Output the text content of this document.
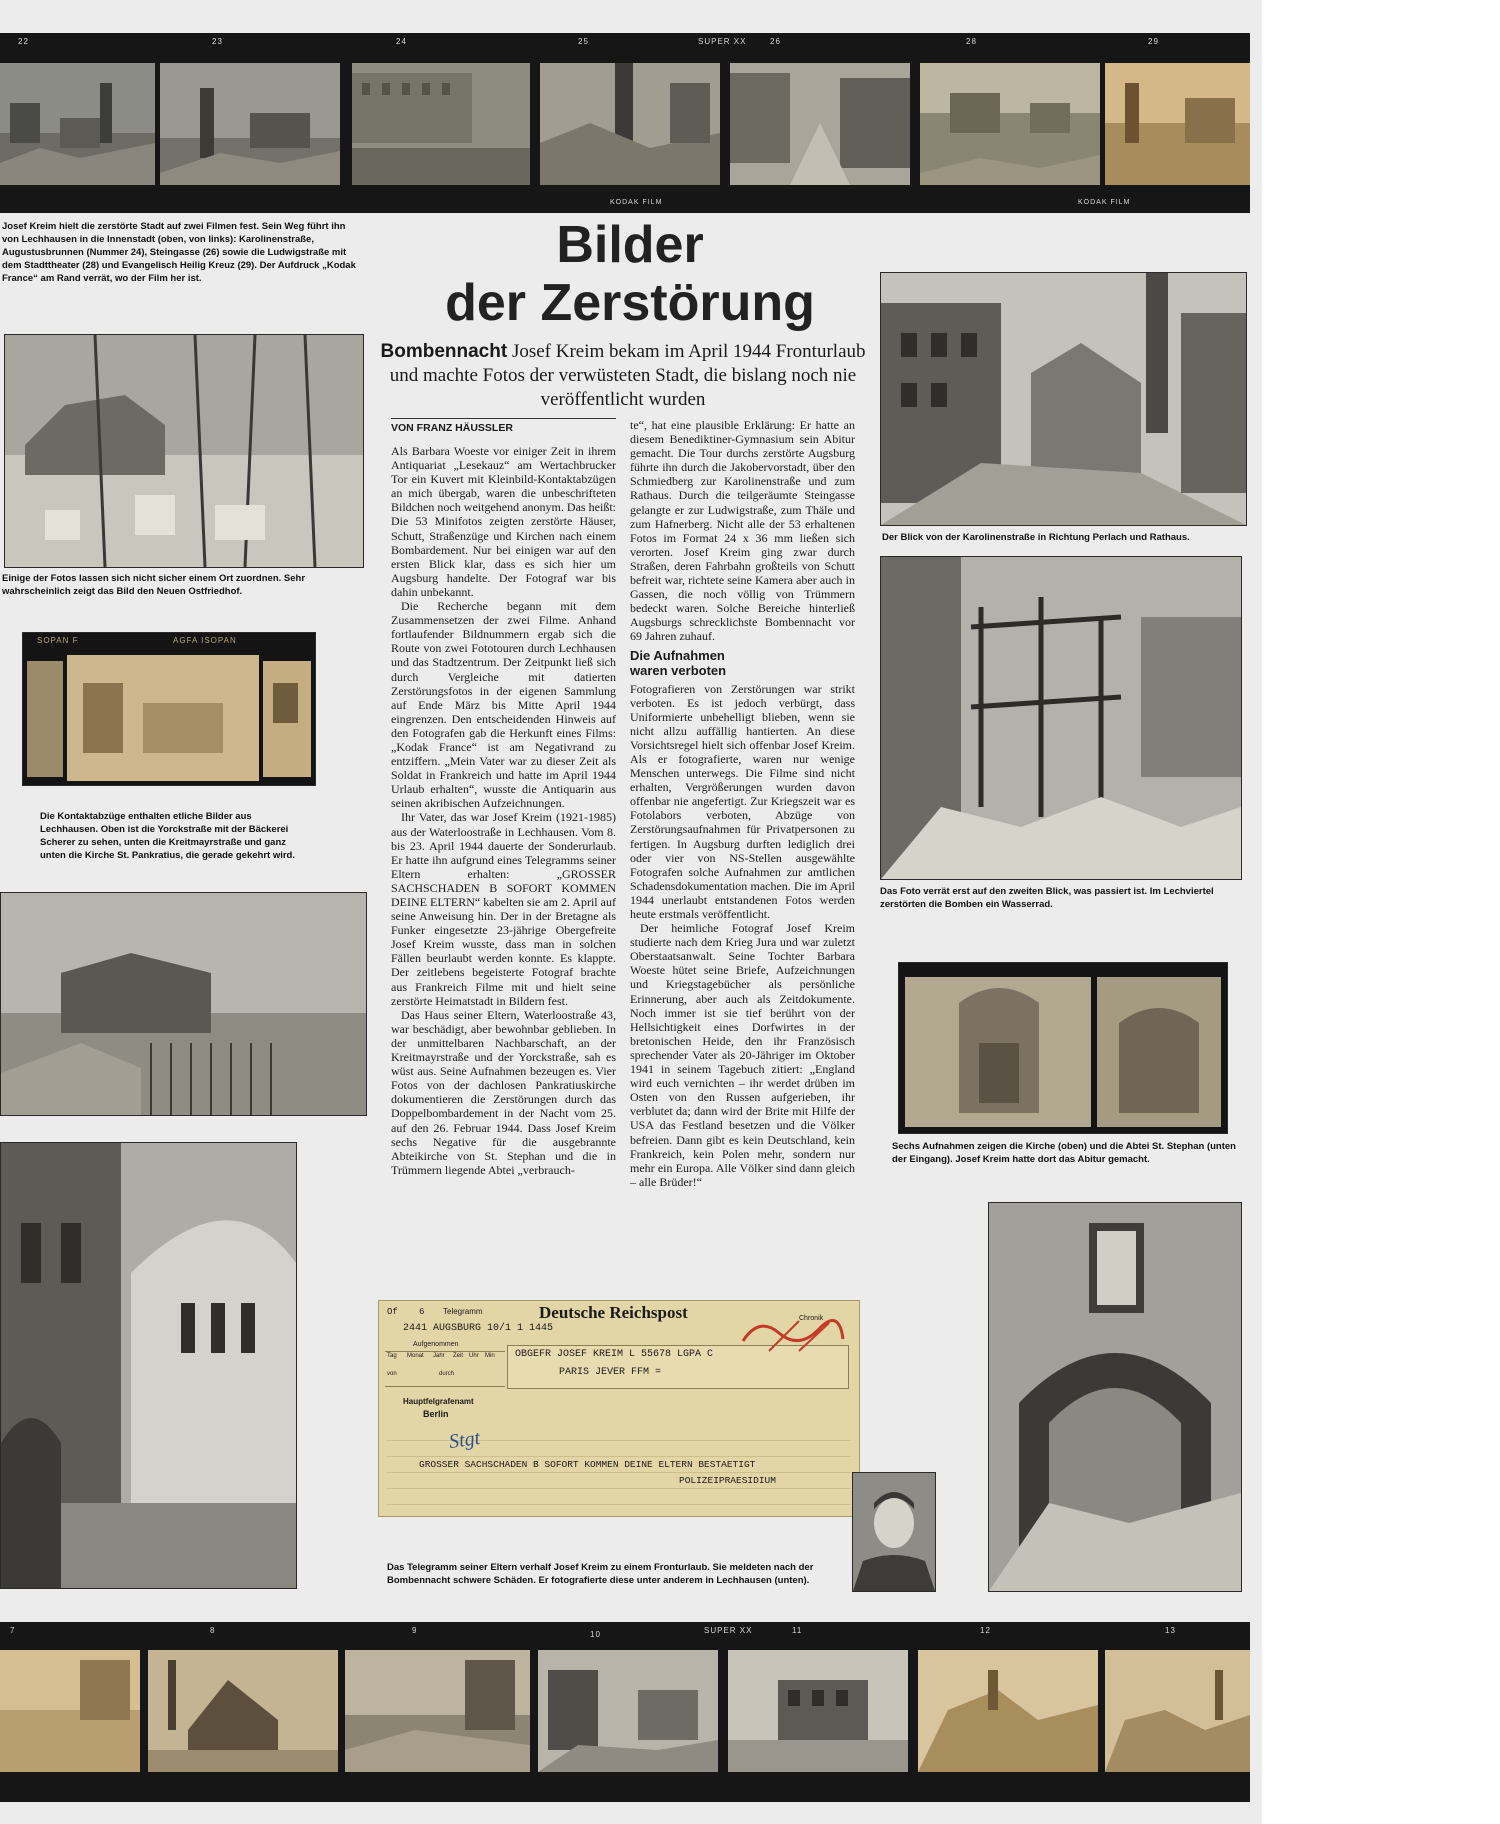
22	23	24	25	SUPER XX	26	28	29
KODAK FILM	KODAK FILM
Josef Kreim hielt die zerstörte Stadt auf zwei Filmen fest. Sein Weg führt ihn von Lechhausen in die Innenstadt (oben, von links): Karolinenstraße, Augustusbrunnen (Nummer 24), Steingasse (26) sowie die Ludwigstraße mit dem Stadttheater (28) und Evangelisch Heilig Kreuz (29). Der Aufdruck „Kodak France“ am Rand verrät, wo der Film her ist.
Bilder
der Zerstörung
Bombennacht Josef Kreim bekam im April 1944 Fronturlaub und machte Fotos der verwüsteten Stadt, die bislang noch nie veröffentlicht wurden
VON FRANZ HÄUSSLER
Einige der Fotos lassen sich nicht sicher einem Ort zuordnen. Sehr wahrscheinlich zeigt das Bild den Neuen Ostfriedhof.
SOPAN F	AGFA ISOPAN
Die Kontaktabzüge enthalten etliche Bilder aus Lechhausen. Oben ist die Yorckstraße mit der Bäckerei Scherer zu sehen, unten die Kreitmayrstraße und ganz unten die Kirche St. Pankratius, die gerade gekehrt wird.

Als Barbara Woeste vor einiger Zeit in ihrem Antiquariat „Lesekauz“ am Wertachbrucker Tor ein Kuvert mit Kleinbild-Kontaktabzügen an mich übergab, waren die unbeschrifteten Bildchen noch weitgehend anonym. Das heißt: Die 53 Minifotos zeigten zerstörte Häuser, Schutt, Straßenzüge und Kirchen nach einem Bombardement. Nur bei einigen war auf den ersten Blick klar, dass es sich hier um Augsburg handelte. Der Fotograf war bis dahin unbekannt.

Die Recherche begann mit dem Zusammensetzen der zwei Filme. Anhand fortlaufender Bildnummern ergab sich die Route von zwei Fototouren durch Lechhausen und das Stadtzentrum. Der Zeitpunkt ließ sich durch Vergleiche mit datierten Zerstörungsfotos in der eigenen Sammlung auf Ende März bis Mitte April 1944 eingrenzen. Den entscheidenden Hinweis auf den Fotografen gab die Herkunft eines Films: „Kodak France“ ist am Negativrand zu entziffern. „Mein Vater war zu dieser Zeit als Soldat in Frankreich und hatte im April 1944 Urlaub erhalten“, wusste die Antiquarin aus seinen akribischen Aufzeichnungen.

Ihr Vater, das war Josef Kreim (1921-1985) aus der Waterloostraße in Lechhausen. Vom 8. bis 23. April 1944 dauerte der Sonderurlaub. Er hatte ihn aufgrund eines Telegramms seiner Eltern erhalten: „GROSSER SACHSCHADEN B SOFORT KOMMEN DEINE ELTERN“ kabelten sie am 2. April auf seine Anweisung hin. Der in der Bretagne als Funker eingesetzte 23-jährige Obergefreite Josef Kreim wusste, dass man in solchen Fällen beurlaubt werden konnte. Es klappte. Der zeitlebens begeisterte Fotograf brachte aus Frankreich Filme mit und hielt seine zerstörte Heimatstadt in Bildern fest.

Das Haus seiner Eltern, Waterloostraße 43, war beschädigt, aber bewohnbar geblieben. In der unmittelbaren Nachbarschaft, an der Kreitmayrstraße und der Yorckstraße, sah es wüst aus. Seine Aufnahmen bezeugen es. Vier Fotos von der dachlosen Pankratiuskirche dokumentieren die Zerstörungen durch das Doppelbombardement in der Nacht vom 25. auf den 26. Februar 1944. Dass Josef Kreim sechs Negative für die ausgebrannte Abteikirche von St. Stephan und die in Trümmern liegende Abtei „verbrauch-

te“, hat eine plausible Erklärung: Er hatte an diesem Benediktiner-Gymnasium sein Abitur gemacht. Die Tour durchs zerstörte Augsburg führte ihn durch die Jakobervorstadt, über den Schmiedberg zur Karolinenstraße und zum Rathaus. Durch die teilgeräumte Steingasse gelangte er zur Ludwigstraße, zum Thäle und zum Hafnerberg. Nicht alle der 53 erhaltenen Fotos im Format 24 x 36 mm ließen sich verorten. Josef Kreim ging zwar durch Straßen, deren Fahrbahn großteils von Schutt befreit war, richtete seine Kamera aber auch in Gassen, die noch völlig von Trümmern bedeckt waren. Solche Bereiche hinterließ Augsburgs schrecklichste Bombennacht vor 69 Jahren zuhauf.

Die Aufnahmen
waren verboten

Fotografieren von Zerstörungen war strikt verboten. Es ist jedoch verbürgt, dass Uniformierte unbehelligt blieben, wenn sie nicht allzu auffällig hantierten. An diese Vorsichtsregel hielt sich offenbar Josef Kreim. Als er fotografierte, waren nur wenige Menschen unterwegs. Die Filme sind nicht erhalten, Vergrößerungen wurden davon offenbar nie angefertigt. Zur Kriegszeit war es Fotolabors verboten, Abzüge von Zerstörungsaufnahmen für Privatpersonen zu fertigen. In Augsburg durften lediglich drei oder vier von NS-Stellen ausgewählte Fotografen solche Aufnahmen zur amtlichen Schadensdokumentation machen. Die im April 1944 unerlaubt entstandenen Fotos werden heute erstmals veröffentlicht.

Der heimliche Fotograf Josef Kreim studierte nach dem Krieg Jura und war zuletzt Oberstaatsanwalt. Seine Tochter Barbara Woeste hütet seine Briefe, Aufzeichnungen und Kriegstagebücher als persönliche Erinnerung, aber auch als Zeitdokumente. Noch immer ist sie tief berührt von der Hellsichtigkeit eines Dorfwirtes in der bretonischen Heide, den ihr Französisch sprechender Vater als 20-Jähriger im Oktober 1941 in seinem Tagebuch zitiert: „England wird euch vernichten – ihr werdet drüben im Osten von den Russen aufgerieben, ihr verblutet da; dann wird der Brite mit Hilfe der USA das Festland besetzen und die Völker befreien. Dann gibt es kein Deutschland, kein Frankreich, kein Polen mehr, sondern nur mehr ein Europa. Alle Völker sind dann gleich – alle Brüder!“

Of 6 Telegramm	Deutsche Reichspost	Chronik
2441 AUGSBURG 10/1 1 1445
Aufgenommen
Tag Monat Jahr Zeit Uhr Min
von	durch
OBGEFR JOSEF KREIM L 55678 LGPA C
PARIS JEVER FFM =
Hauptfelgrafenamt
Berlin
Stgt
GROSSER SACHSCHADEN B SOFORT KOMMEN DEINE ELTERN BESTAETIGT
POLIZEIPRAESIDIUM
Das Telegramm seiner Eltern verhalf Josef Kreim zu einem Fronturlaub. Sie meldeten nach der Bombennacht schwere Schäden. Er fotografierte diese unter anderem in Lechhausen (unten).
Der Blick von der Karolinenstraße in Richtung Perlach und Rathaus.
Das Foto verrät erst auf den zweiten Blick, was passiert ist. Im Lechviertel zerstörten die Bomben ein Wasserrad.
Sechs Aufnahmen zeigen die Kirche (oben) und die Abtei St. Stephan (unten der Eingang). Josef Kreim hatte dort das Abitur gemacht.
7	8	9	10	SUPER XX	11	12	13
